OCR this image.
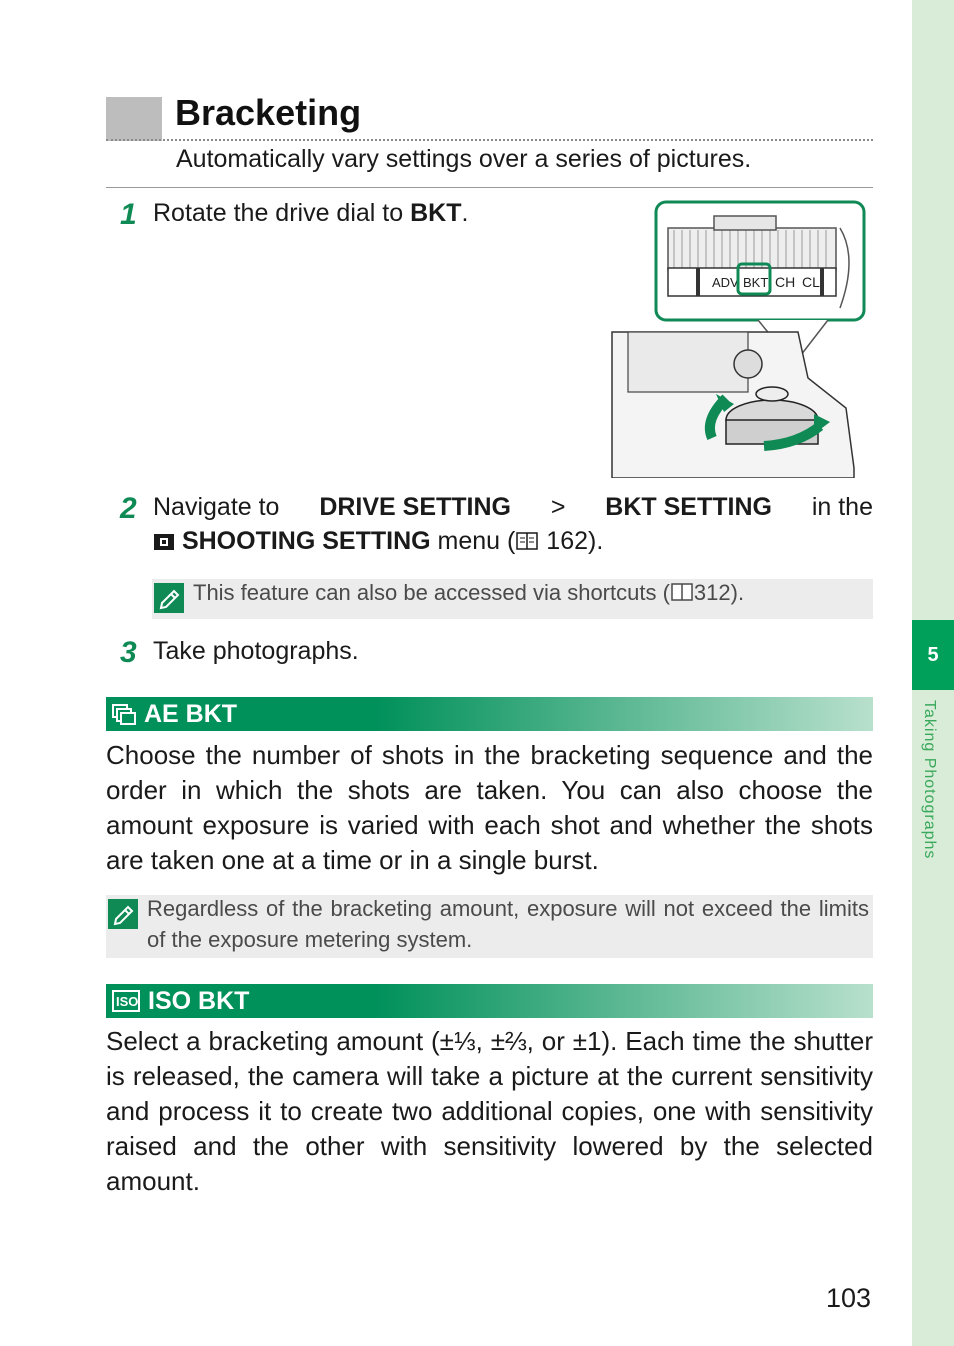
5
Taking Photographs
Bracketing
Automatically vary settings over a series of pictures.
1 Rotate the drive dial to BKT.
ADV BKT CH CL
2 Navigate to DRIVE SETTING > BKT SETTING in the
SHOOTING SETTING menu ( 162).
This feature can also be accessed via shortcuts ( 312).
3 Take photographs.
AE BKT
Choose the number of shots in the bracketing sequence and the order in which the shots are taken. You can also choose the amount exposure is varied with each shot and whether the shots are taken one at a time or in a single burst.
Regardless of the bracketing amount, exposure will not exceed the limits of the exposure metering system.
ISO ISO BKT
Select a bracketing amount (±⅓, ±⅔, or ±1). Each time the shutter is released, the camera will take a picture at the current sensitivity and process it to create two additional copies, one with sensitivity raised and the other with sensitivity lowered by the selected amount.
103
